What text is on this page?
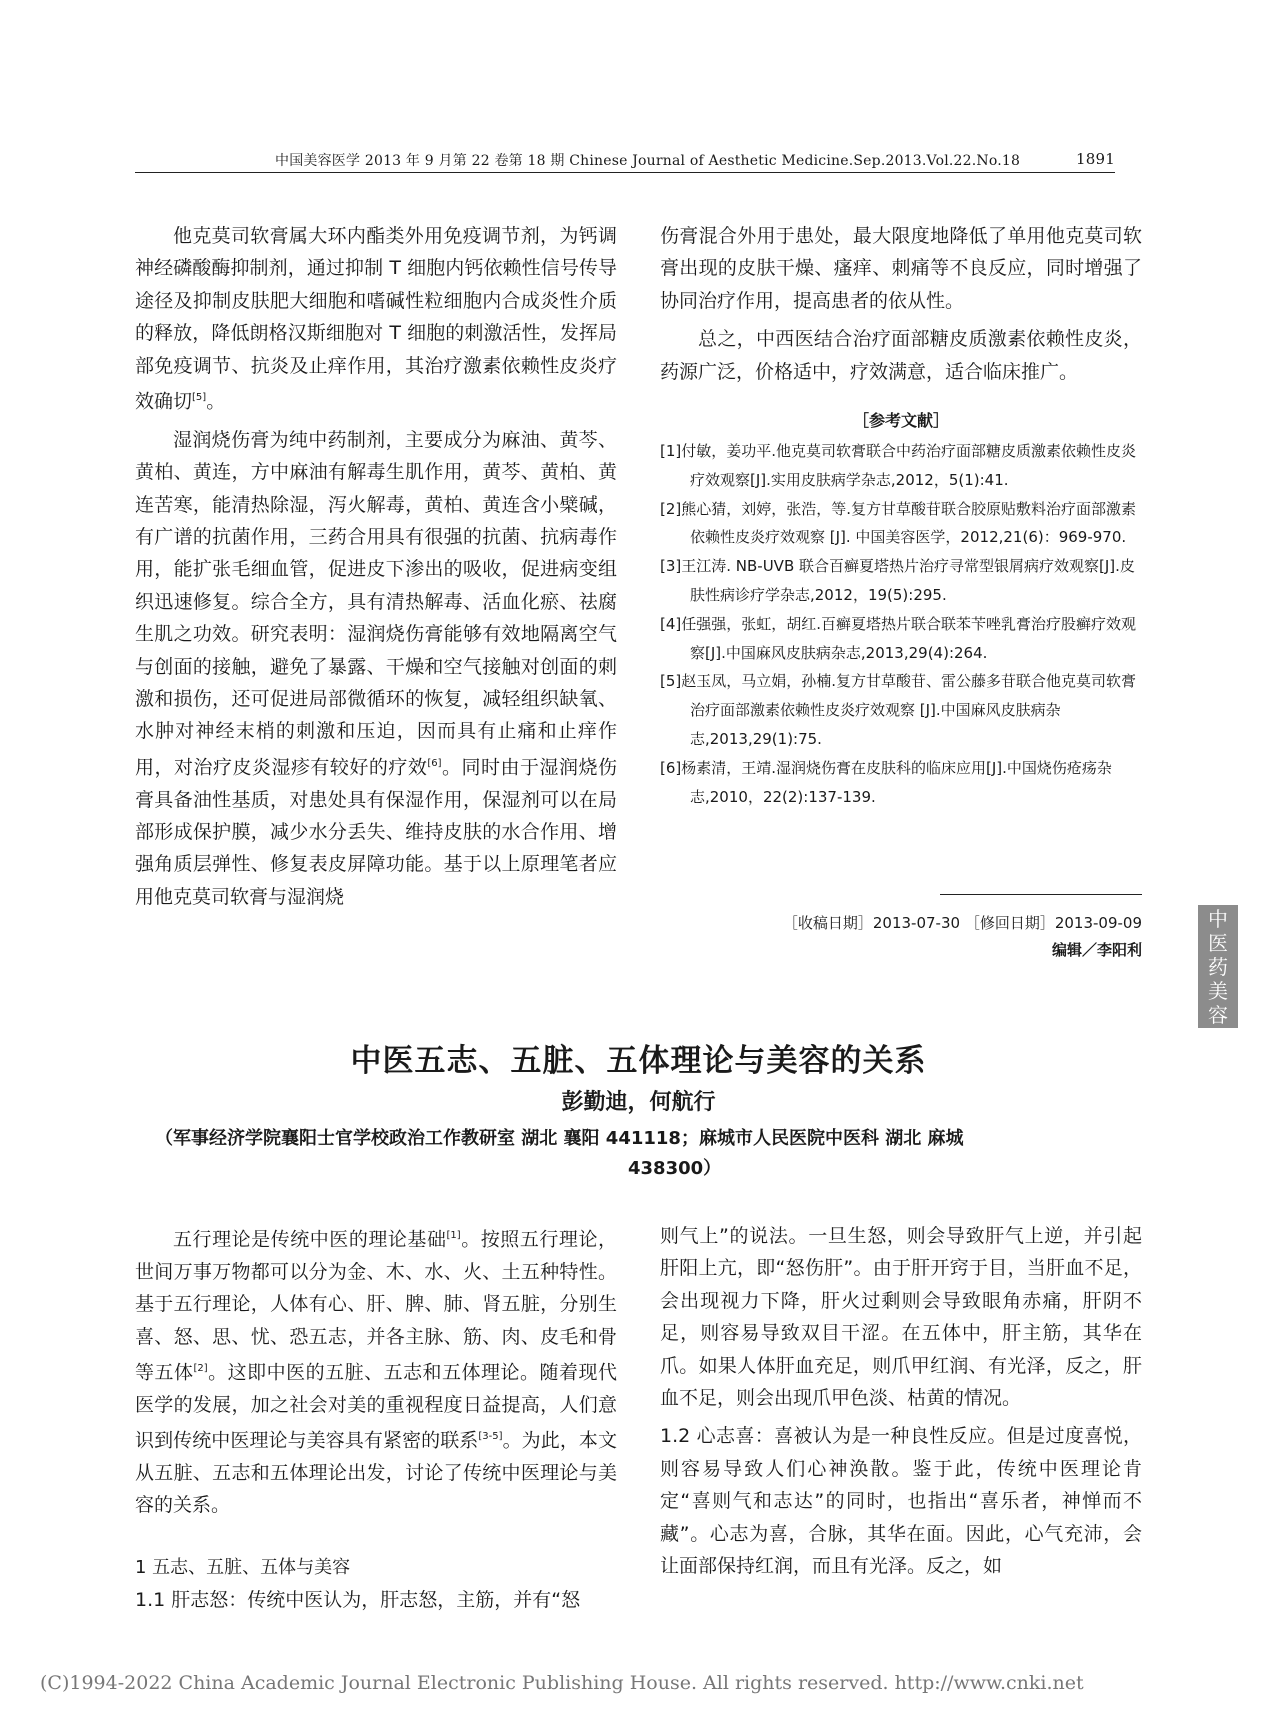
中国美容医学 2013 年 9 月第 22 卷第 18 期 Chinese Journal of Aesthetic Medicine.Sep.2013.Vol.22.No.18	1891

他克莫司软膏属大环内酯类外用免疫调节剂，为钙调神经磷酸酶抑制剂，通过抑制 T 细胞内钙依赖性信号传导途径及抑制皮肤肥大细胞和嗜碱性粒细胞内合成炎性介质的释放，降低朗格汉斯细胞对 T 细胞的刺激活性，发挥局部免疫调节、抗炎及止痒作用，其治疗激素依赖性皮炎疗效确切[5]。

湿润烧伤膏为纯中药制剂，主要成分为麻油、黄芩、黄柏、黄连，方中麻油有解毒生肌作用，黄芩、黄柏、黄连苦寒，能清热除湿，泻火解毒，黄柏、黄连含小檗碱，有广谱的抗菌作用，三药合用具有很强的抗菌、抗病毒作用，能扩张毛细血管，促进皮下渗出的吸收，促进病变组织迅速修复。综合全方，具有清热解毒、活血化瘀、祛腐生肌之功效。研究表明：湿润烧伤膏能够有效地隔离空气与创面的接触，避免了暴露、干燥和空气接触对创面的刺激和损伤，还可促进局部微循环的恢复，减轻组织缺氧、水肿对神经末梢的刺激和压迫，因而具有止痛和止痒作用，对治疗皮炎湿疹有较好的疗效[6]。同时由于湿润烧伤膏具备油性基质，对患处具有保湿作用，保湿剂可以在局部形成保护膜，减少水分丢失、维持皮肤的水合作用、增强角质层弹性、修复表皮屏障功能。基于以上原理笔者应用他克莫司软膏与湿润烧

伤膏混合外用于患处，最大限度地降低了单用他克莫司软膏出现的皮肤干燥、瘙痒、刺痛等不良反应，同时增强了协同治疗作用，提高患者的依从性。

总之，中西医结合治疗面部糖皮质激素依赖性皮炎，药源广泛，价格适中，疗效满意，适合临床推广。

［参考文献］
[1]付敏，姜功平.他克莫司软膏联合中药治疗面部糖皮质激素依赖性皮炎疗效观察[J].实用皮肤病学杂志,2012，5(1):41.
[2]熊心猜，刘婷，张浩，等.复方甘草酸苷联合胶原贴敷料治疗面部激素依赖性皮炎疗效观察 [J]. 中国美容医学，2012,21(6)：969-970.
[3]王江涛. NB-UVB 联合百癣夏塔热片治疗寻常型银屑病疗效观察[J].皮肤性病诊疗学杂志,2012，19(5):295.
[4]任强强，张虹，胡红.百癣夏塔热片联合联苯苄唑乳膏治疗股癣疗效观察[J].中国麻风皮肤病杂志,2013,29(4):264.
[5]赵玉凤，马立娟，孙楠.复方甘草酸苷、雷公藤多苷联合他克莫司软膏治疗面部激素依赖性皮炎疗效观察 [J].中国麻风皮肤病杂志,2013,29(1):75.
[6]杨素清，王靖.湿润烧伤膏在皮肤科的临床应用[J].中国烧伤疮疡杂志,2010，22(2):137-139.
［收稿日期］2013-07-30 ［修回日期］2013-09-09
编辑／李阳利
中
医
药
美
容
中医五志、五脏、五体理论与美容的关系
彭勤迪，何航行
（军事经济学院襄阳士官学校政治工作教研室 湖北 襄阳 441118；麻城市人民医院中医科 湖北 麻城
438300）

五行理论是传统中医的理论基础[1]。按照五行理论，世间万事万物都可以分为金、木、水、火、土五种特性。基于五行理论，人体有心、肝、脾、肺、肾五脏，分别生喜、怒、思、忧、恐五志，并各主脉、筋、肉、皮毛和骨等五体[2]。这即中医的五脏、五志和五体理论。随着现代医学的发展，加之社会对美的重视程度日益提高，人们意识到传统中医理论与美容具有紧密的联系[3-5]。为此，本文从五脏、五志和五体理论出发，讨论了传统中医理论与美容的关系。

1 五志、五脏、五体与美容

1.1 肝志怒：传统中医认为，肝志怒，主筋，并有“怒

则气上”的说法。一旦生怒，则会导致肝气上逆，并引起肝阳上亢，即“怒伤肝”。由于肝开窍于目，当肝血不足，会出现视力下降，肝火过剩则会导致眼角赤痛，肝阴不足，则容易导致双目干涩。在五体中，肝主筋，其华在爪。如果人体肝血充足，则爪甲红润、有光泽，反之，肝血不足，则会出现爪甲色淡、枯黄的情况。

1.2 心志喜：喜被认为是一种良性反应。但是过度喜悦，则容易导致人们心神涣散。鉴于此，传统中医理论肯定“喜则气和志达”的同时，也指出“喜乐者，神惮而不藏”。心志为喜，合脉，其华在面。因此，心气充沛，会让面部保持红润，而且有光泽。反之，如

(C)1994-2022 China Academic Journal Electronic Publishing House. All rights reserved. http://www.cnki.net
